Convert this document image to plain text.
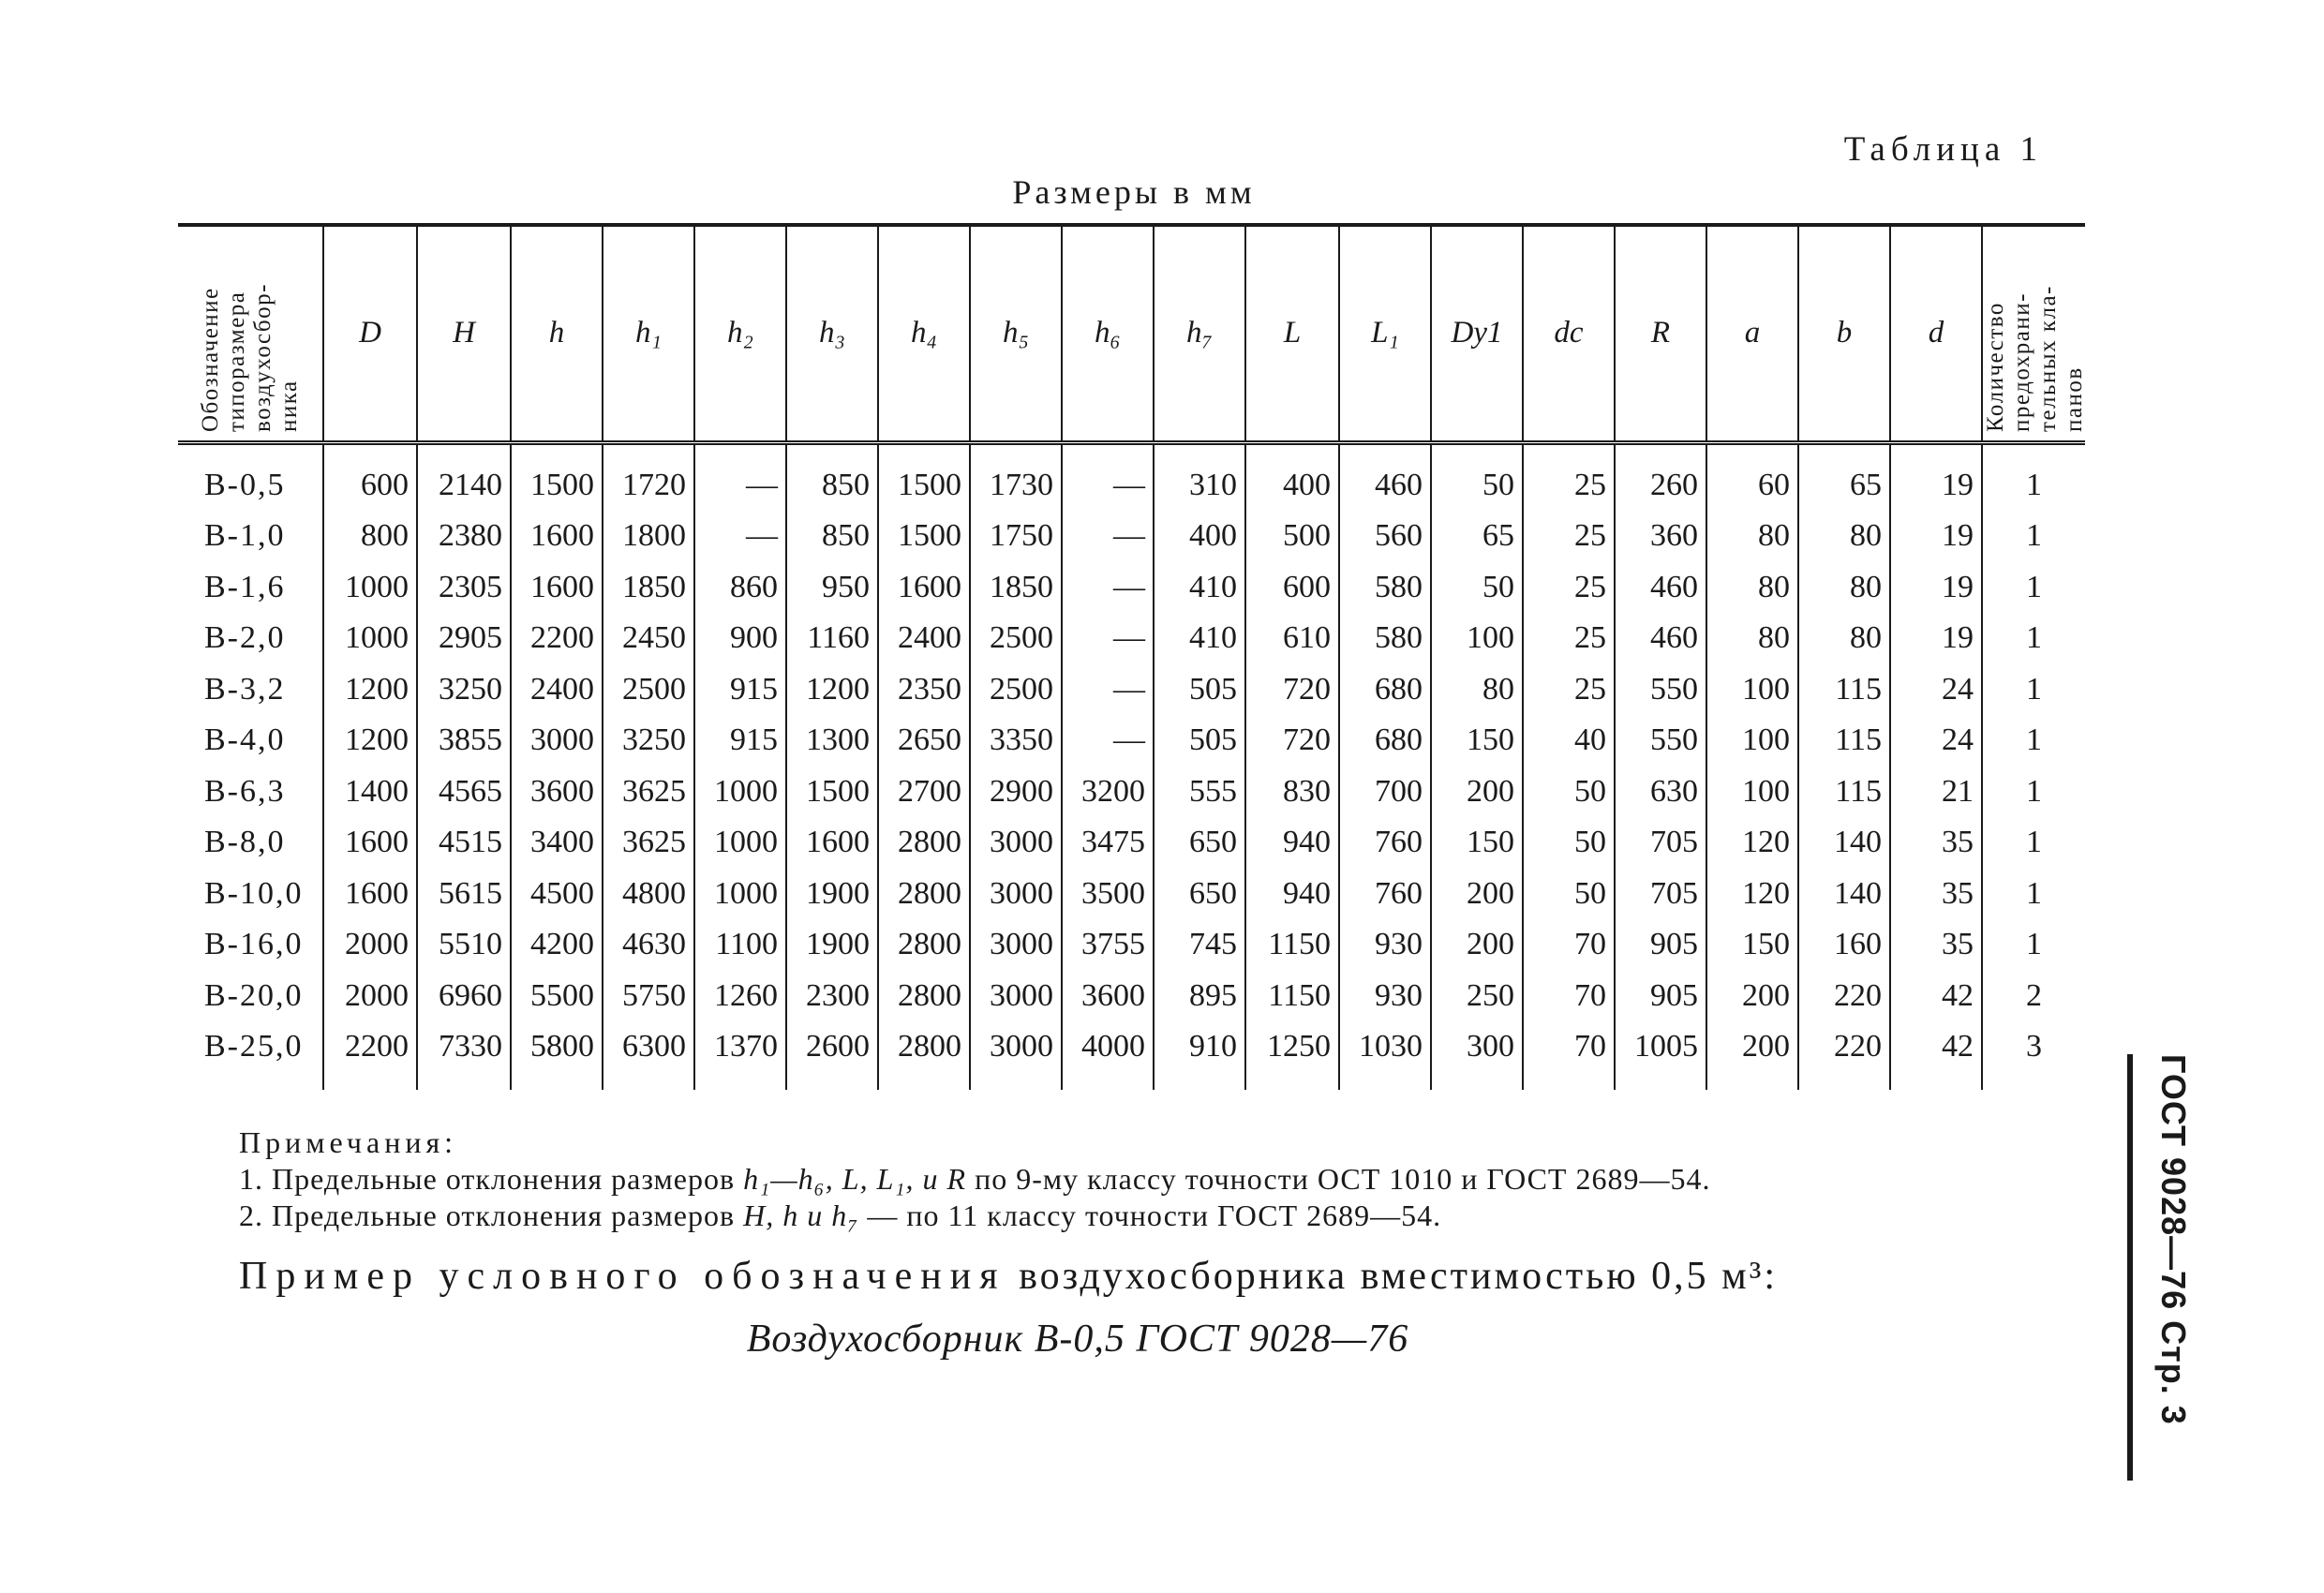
Таблица 1
Размеры в мм
Обозначение типоразмера воздухосбор-ника	D	H	h	h₁	h₂	h₃	h₄	h₅	h₆	h₇	L	L₁	Dу1	dс	R	a	b	d	Количество предохрани-тельных кла-панов

В-0,5	600	2140	1500	1720	—	850	1500	1730	—	310	400	460	50	25	260	60	65	19	1
В-1,0	800	2380	1600	1800	—	850	1500	1750	—	400	500	560	65	25	360	80	80	19	1
В-1,6	1000	2305	1600	1850	860	950	1600	1850	—	410	600	580	50	25	460	80	80	19	1
В-2,0	1000	2905	2200	2450	900	1160	2400	2500	—	410	610	580	100	25	460	80	80	19	1
В-3,2	1200	3250	2400	2500	915	1200	2350	2500	—	505	720	680	80	25	550	100	115	24	1
В-4,0	1200	3855	3000	3250	915	1300	2650	3350	—	505	720	680	150	40	550	100	115	24	1
В-6,3	1400	4565	3600	3625	1000	1500	2700	2900	3200	555	830	700	200	50	630	100	115	21	1
В-8,0	1600	4515	3400	3625	1000	1600	2800	3000	3475	650	940	760	150	50	705	120	140	35	1
В-10,0	1600	5615	4500	4800	1000	1900	2800	3000	3500	650	940	760	200	50	705	120	140	35	1
В-16,0	2000	5510	4200	4630	1100	1900	2800	3000	3755	745	1150	930	200	70	905	150	160	35	1
В-20,0	2000	6960	5500	5750	1260	2300	2800	3000	3600	895	1150	930	250	70	905	200	220	42	2
В-25,0	2200	7330	5800	6300	1370	2600	2800	3000	4000	910	1250	1030	300	70	1005	200	220	42	3
Примечания:
1. Предельные отклонения размеров h₁—h₆, L, L₁, и R по 9-му классу точности ОСТ 1010 и ГОСТ 2689—54.
2. Предельные отклонения размеров H, h и h₇ — по 11 классу точности ГОСТ 2689—54.
Пример условного обозначения воздухосборника вместимостью 0,5 м³:
Воздухосборник В-0,5 ГОСТ 9028—76	ГОСТ 9028—76 Стр. 3
